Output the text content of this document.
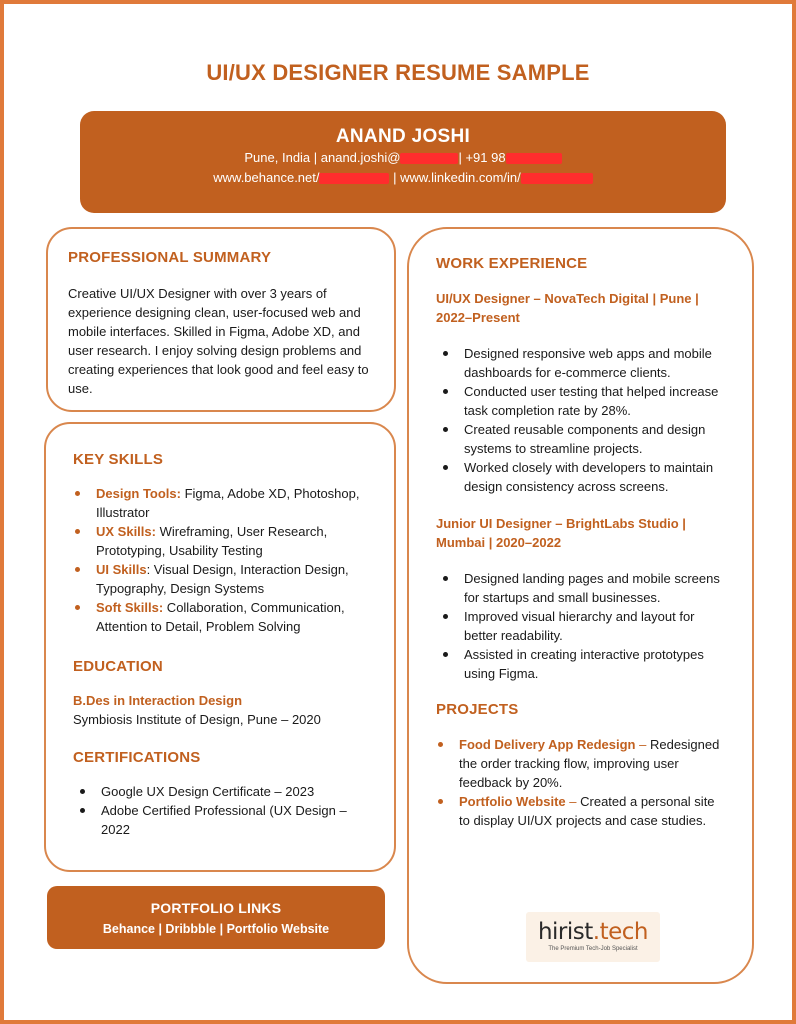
UI/UX DESIGNER RESUME SAMPLE
ANAND JOSHI
Pune, India | anand.joshi@	| +91 98
www.behance.net/	| www.linkedin.com/in/
PROFESSIONAL SUMMARY
Creative UI/UX Designer with over 3 years of experience designing clean, user-focused web and mobile interfaces. Skilled in Figma, Adobe XD, and user research. I enjoy solving design problems and creating experiences that look good and feel easy to use.
KEY SKILLS
Design Tools: Figma, Adobe XD, Photoshop, Illustrator
UX Skills: Wireframing, User Research, Prototyping, Usability Testing
UI Skills: Visual Design, Interaction Design, Typography, Design Systems
Soft Skills: Collaboration, Communication, Attention to Detail, Problem Solving
EDUCATION
B.Des in Interaction Design
Symbiosis Institute of Design, Pune – 2020
CERTIFICATIONS
Google UX Design Certificate – 2023
Adobe Certified Professional (UX Design – 2022
PORTFOLIO LINKS
Behance | Dribbble | Portfolio Website
WORK EXPERIENCE
UI/UX Designer – NovaTech Digital | Pune | 2022–Present
Designed responsive web apps and mobile dashboards for e-commerce clients.
Conducted user testing that helped increase task completion rate by 28%.
Created reusable components and design systems to streamline projects.
Worked closely with developers to maintain design consistency across screens.
Junior UI Designer – BrightLabs Studio | Mumbai | 2020–2022
Designed landing pages and mobile screens for startups and small businesses.
Improved visual hierarchy and layout for better readability.
Assisted in creating interactive prototypes using Figma.
PROJECTS
Food Delivery App Redesign – Redesigned the order tracking flow, improving user feedback by 20%.
Portfolio Website – Created a personal site to display UI/UX projects and case studies.
hirist.tech
The Premium Tech-Job Specialist
